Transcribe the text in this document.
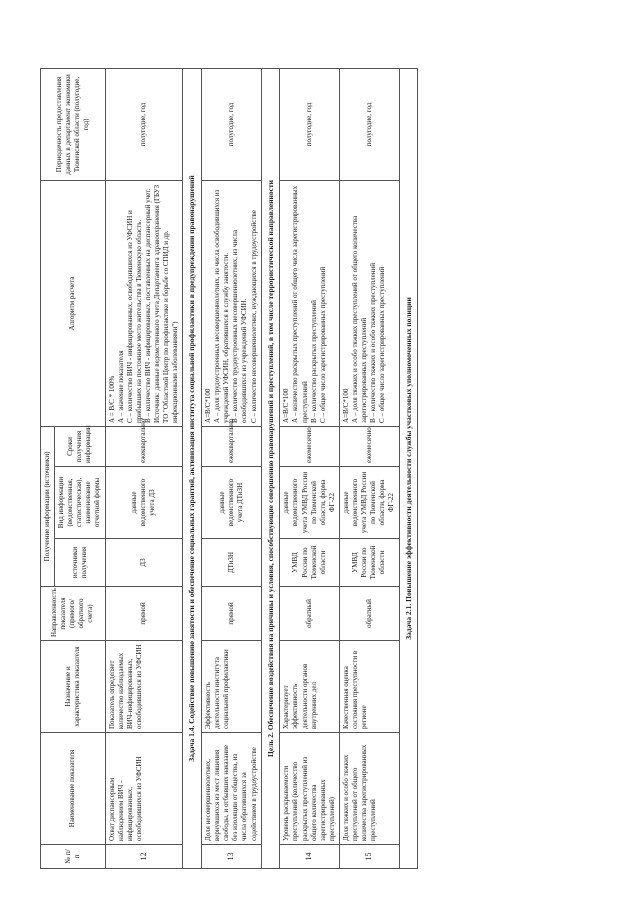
№ п/п	Наименование показателя	Назначение и характеристика показателя	Направленность показателя (прямого/обратного счета)	Получение информации (источники)			Алгоритм расчета	Периодичность предоставления данных в департамент экономики Тюменской области (полугодие, год)
				источники получения	Вид информации (ведомственная, статистическая), наименование отчетной формы	Сроки получения информации		
12	Охват диспансерным наблюдением ВИЧ - инфицированных, освободившихся из УФСИН	Показатель определяет количество наблюдаемых ВИЧ-инфицированных, освободившихся из УФСИН	прямой	ДЗ	данные ведомственного учета ДЗ	ежеквартально	А = В/С * 100%
А – значение показателя
С – количество ВИЧ - инфицированных, освободившихся из УФСИН и прибывших на постоянное место жительства в Тюменскую область.
В – количество ВИЧ - инфицированных, поставленных на диспансерный учет.
Источник: данные ведомственного учета Департамента здравоохранения (ГБУЗ ТО "Областной Центр по профилактике и борьбе со СПИД и др. инфекционными заболеваниями")	полугодие, год
Задача 1.4. Содействие повышению занятости и обеспечение социальных гарантий, активизация института социальной профилактики в предупреждении правонарушений								
13	Доля несовершеннолетних, вернувшихся из мест лишения свободы, и отбывших наказание без изоляции от общества, из числа обратившихся за содействием в трудоустройстве	Эффективность деятельности института социальной профилактики	прямой	ДТиЗН	данные ведомственного учета ДТиЗН	ежеквартально	А=В/С*100
А – доля трудоустроенных несовершеннолетних, из числа освободившихся из учреждений УФСИН, обратившихся в службу занятости.
В – количество трудоустроенных несовершеннолетних, из числа освободившихся из учреждений УФСИН.
С – количество несовершеннолетних, нуждающихся в трудоустройстве	полугодие, год
Цель 2. Обеспечение воздействия на причины и условия, способствующие совершению правонарушений и преступлений, в том числе террористической направленности								
14	Уровень раскрываемости преступлений (количество раскрытых преступлений из общего количества зарегистрированных преступлений)	Характеризует эффективность деятельности органов внутренних дел	обратный	УМВД России по Тюменской области	данные ведомственного учета УМВД России по Тюменской области, форма ФГ-22	ежемесячно	А=В/С*100
А – количество раскрытых преступлений от общего числа зарегистрированных преступлений
В – количество раскрытых преступлений
С – общее число зарегистрированных преступлений	полугодие, год
15	Доля тяжких и особо тяжких преступлений от общего количества зарегистрированных преступлений	Качественная оценка состояния преступности в регионе	обратный	УМВД России по Тюменской области	данные ведомственного учета УМВД России по Тюменской области, форма ФГ-22	ежемесячно	А=В/С*100
А – доля тяжких и особо тяжких преступлений от общего количества зарегистрированных преступлений
В – количество тяжких и особо тяжких преступлений
С – общее число зарегистрированных преступлений	полугодие, год
Задача 2.1. Повышение эффективности деятельности службы участковых уполномоченных полиции								
